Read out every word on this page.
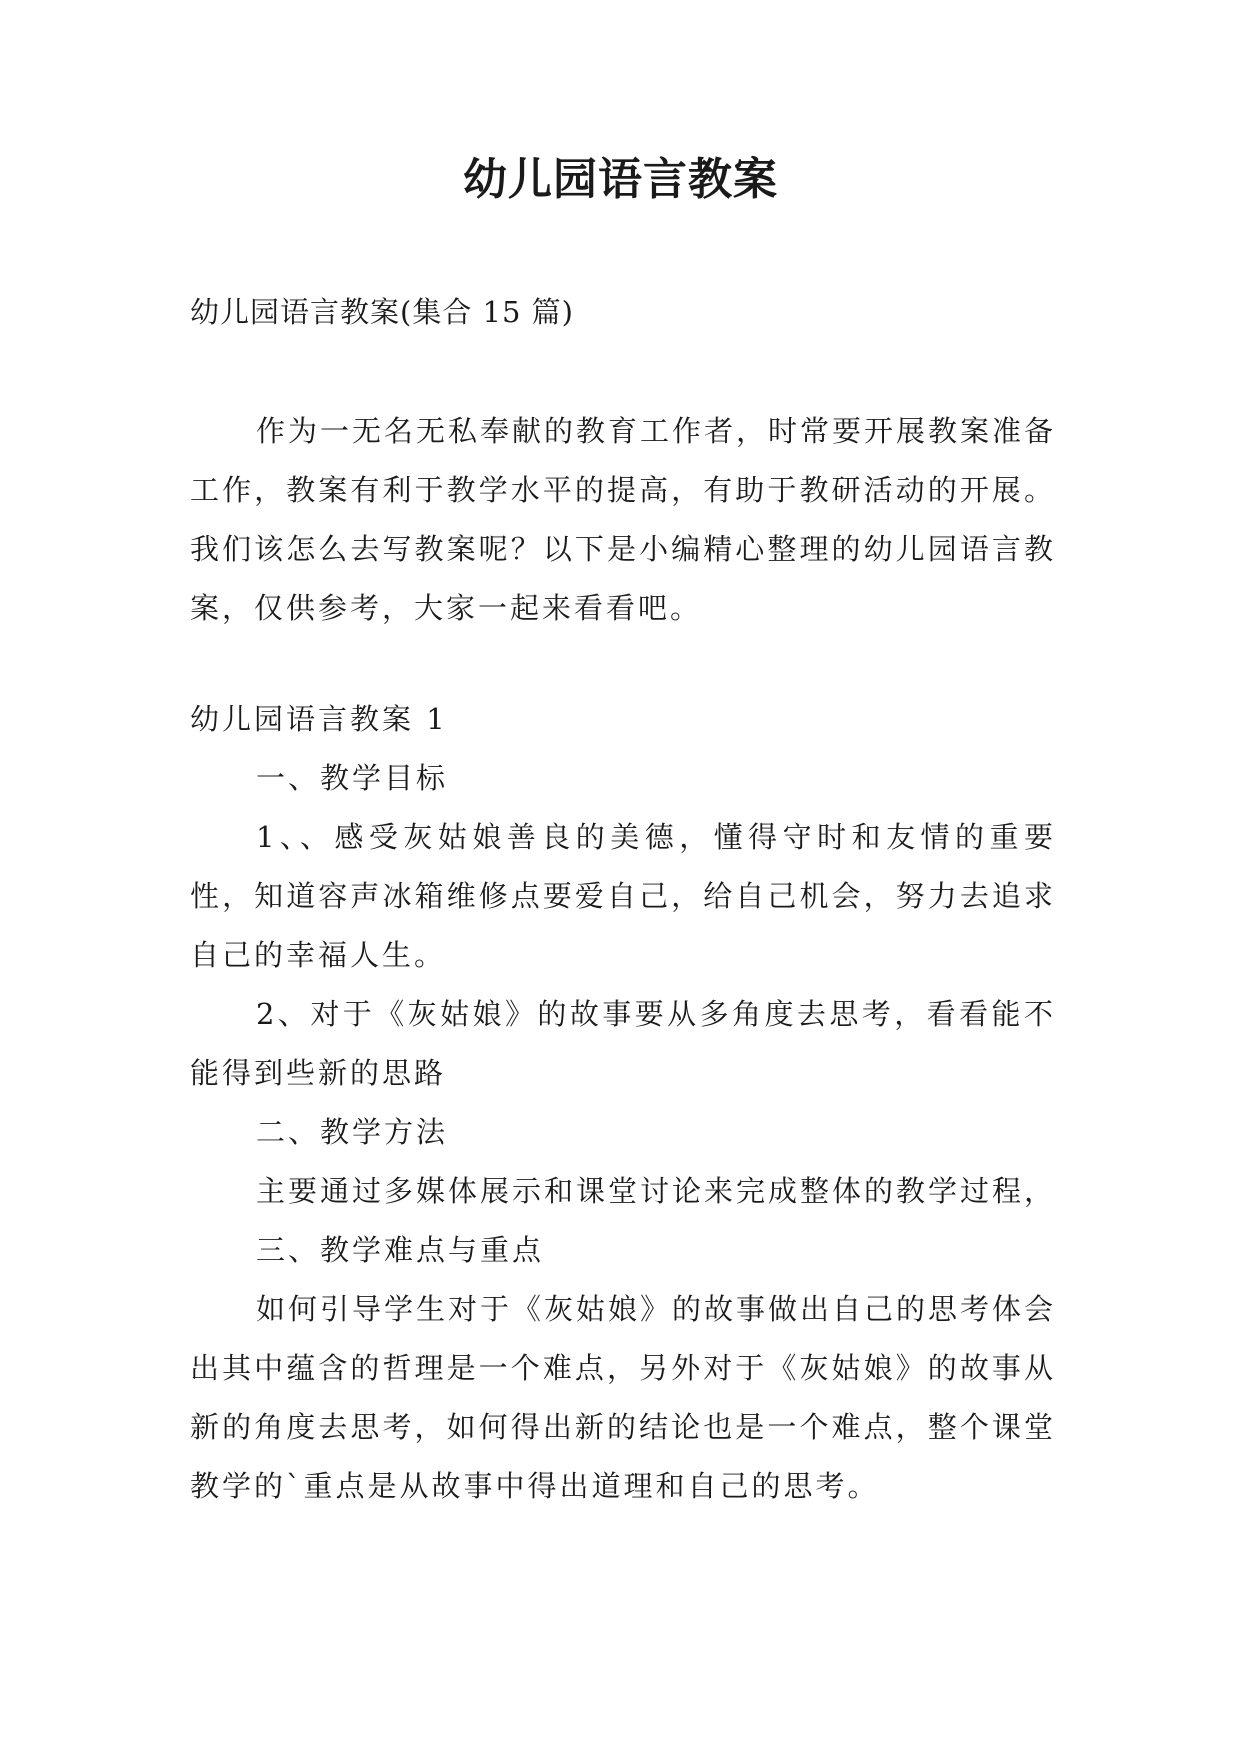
幼儿园语言教案
幼儿园语言教案(集合 15 篇)

作为一无名无私奉献的教育工作者，时常要开展教案准备工作，教案有利于教学水平的提高，有助于教研活动的开展。我们该怎么去写教案呢？以下是小编精心整理的幼儿园语言教案，仅供参考，大家一起来看看吧。

幼儿园语言教案 1

一、教学目标

1、、感受灰姑娘善良的美德，懂得守时和友情的重要性，知道容声冰箱维修点要爱自己，给自己机会，努力去追求自己的幸福人生。

2、对于《灰姑娘》的故事要从多角度去思考，看看能不能得到些新的思路

二、教学方法

主要通过多媒体展示和课堂讨论来完成整体的教学过程，

三、教学难点与重点

如何引导学生对于《灰姑娘》的故事做出自己的思考体会出其中蕴含的哲理是一个难点，另外对于《灰姑娘》的故事从新的角度去思考，如何得出新的结论也是一个难点，整个课堂教学的`重点是从故事中得出道理和自己的思考。
